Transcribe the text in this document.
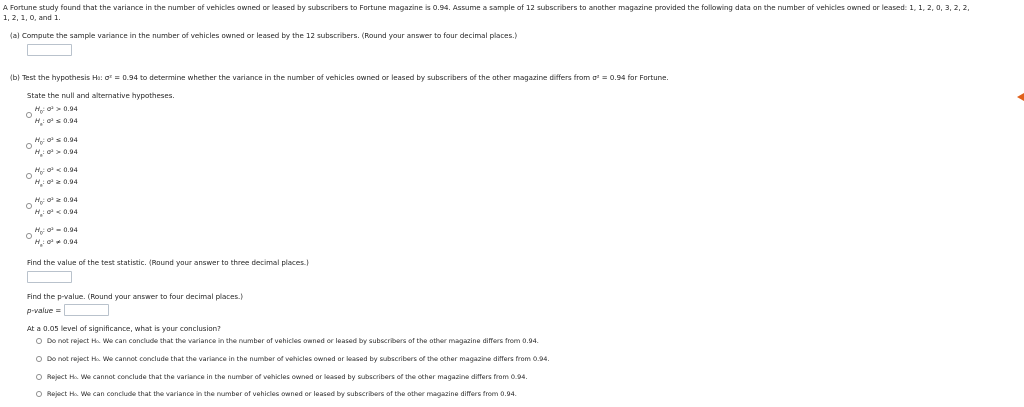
A Fortune study found that the variance in the number of vehicles owned or leased by subscribers to Fortune magazine is 0.94. Assume a sample of 12 subscribers to another magazine provided the following data on the number of vehicles owned or leased: 1, 1, 2, 0, 3, 2, 2,
1, 2, 1, 0, and 1.
(a) Compute the sample variance in the number of vehicles owned or leased by the 12 subscribers. (Round your answer to four decimal places.)
(b) Test the hypothesis H₀: σ² = 0.94 to determine whether the variance in the number of vehicles owned or leased by subscribers of the other magazine differs from σ² = 0.94 for Fortune.
State the null and alternative hypotheses.
$H_0$: σ² > 0.94
$H_a$: σ² ≤ 0.94
$H_0$: σ² ≤ 0.94
$H_a$: σ² > 0.94
$H_0$: σ² < 0.94
$H_a$: σ² ≥ 0.94
$H_0$: σ² ≥ 0.94
$H_a$: σ² < 0.94
$H_0$: σ² = 0.94
$H_a$: σ² ≠ 0.94
Find the value of the test statistic. (Round your answer to three decimal places.)
Find the p-value. (Round your answer to four decimal places.)
p-value =
At a 0.05 level of significance, what is your conclusion?
Do not reject H₀. We can conclude that the variance in the number of vehicles owned or leased by subscribers of the other magazine differs from 0.94.
Do not reject H₀. We cannot conclude that the variance in the number of vehicles owned or leased by subscribers of the other magazine differs from 0.94.
Reject H₀. We cannot conclude that the variance in the number of vehicles owned or leased by subscribers of the other magazine differs from 0.94.
Reject H₀. We can conclude that the variance in the number of vehicles owned or leased by subscribers of the other magazine differs from 0.94.
